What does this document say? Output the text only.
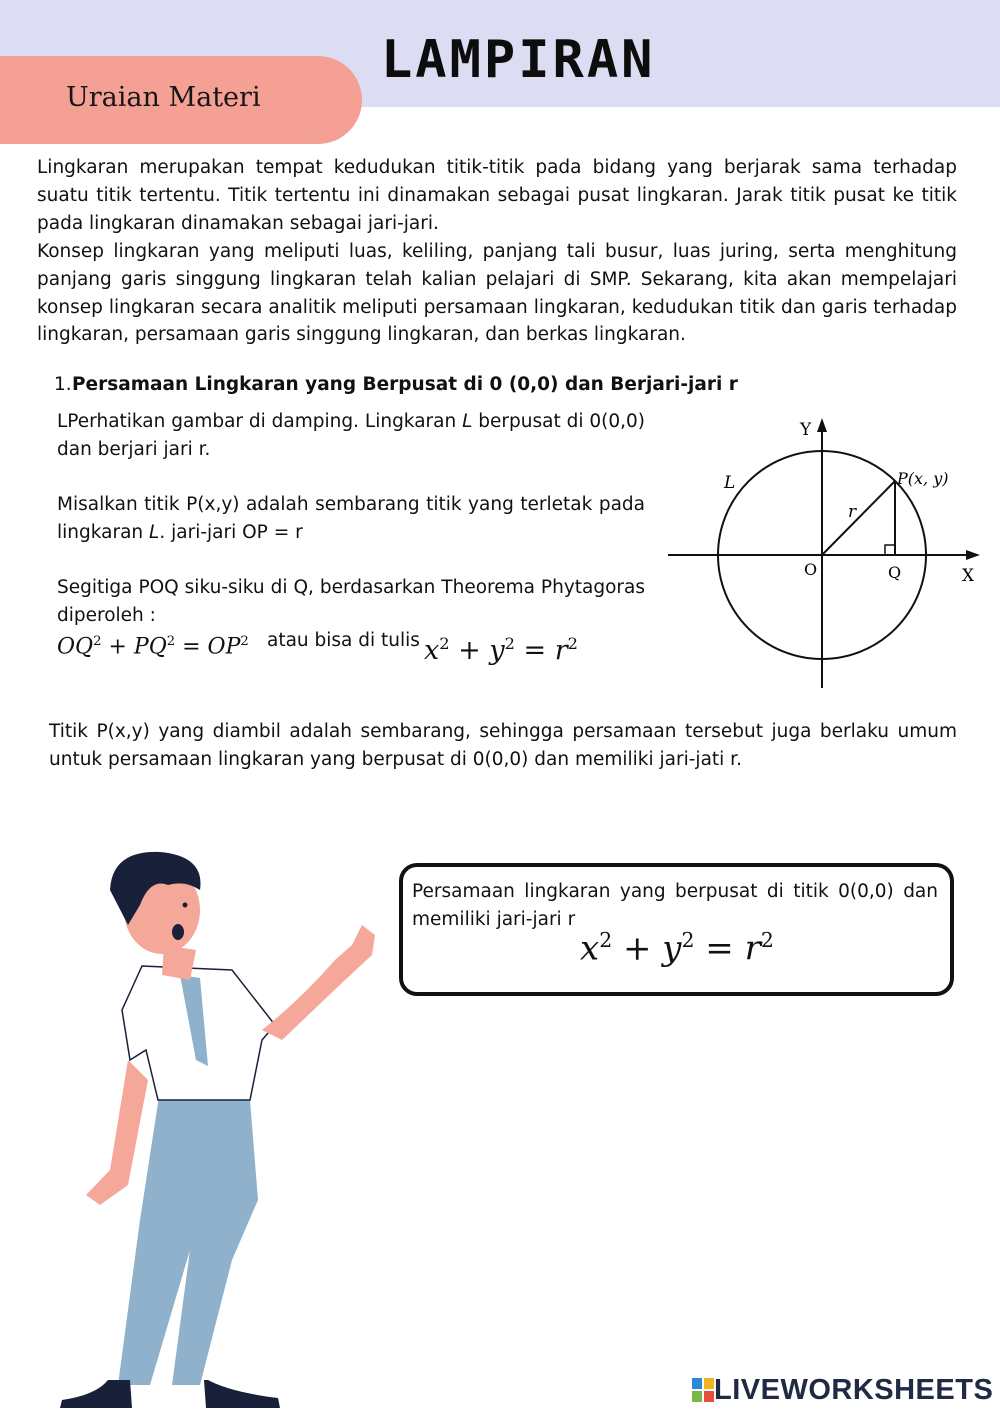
LAMPIRAN
Uraian Materi

Lingkaran merupakan tempat kedudukan titik-titik pada bidang yang berjarak sama terhadap suatu titik tertentu. Titik tertentu ini dinamakan sebagai pusat lingkaran. Jarak titik pusat ke titik pada lingkaran dinamakan sebagai jari-jari.

Konsep lingkaran yang meliputi luas, keliling, panjang tali busur, luas juring, serta menghitung panjang garis singgung lingkaran telah kalian pelajari di SMP. Sekarang, kita akan mempelajari konsep lingkaran secara analitik meliputi persamaan lingkaran, kedudukan titik dan garis terhadap lingkaran, persamaan garis singgung lingkaran, dan berkas lingkaran.

1. Persamaan Lingkaran yang Berpusat di 0 (0,0) dan Berjari-jari r

LPerhatikan gambar di damping. Lingkaran L berpusat di 0(0,0) dan berjari jari r.

Misalkan titik P(x,y) adalah sembarang titik yang terletak pada lingkaran L. jari-jari OP = r

Segitiga POQ siku-siku di Q, berdasarkan Theorema Phytagoras diperoleh :

$OQ^2 + PQ^2 = OP^2$ atau bisa di tulis $x^2 + y^2 = r^2$
Y
X
O	Q
P(x, y)
r
L

Titik P(x,y) yang diambil adalah sembarang, sehingga persamaan tersebut juga berlaku umum untuk persamaan lingkaran yang berpusat di 0(0,0) dan memiliki jari-jati r.

Persamaan lingkaran yang berpusat di titik 0(0,0) dan memiliki jari-jari r

$x^2 + y^2 = r^2$
LIVEWORKSHEETS
